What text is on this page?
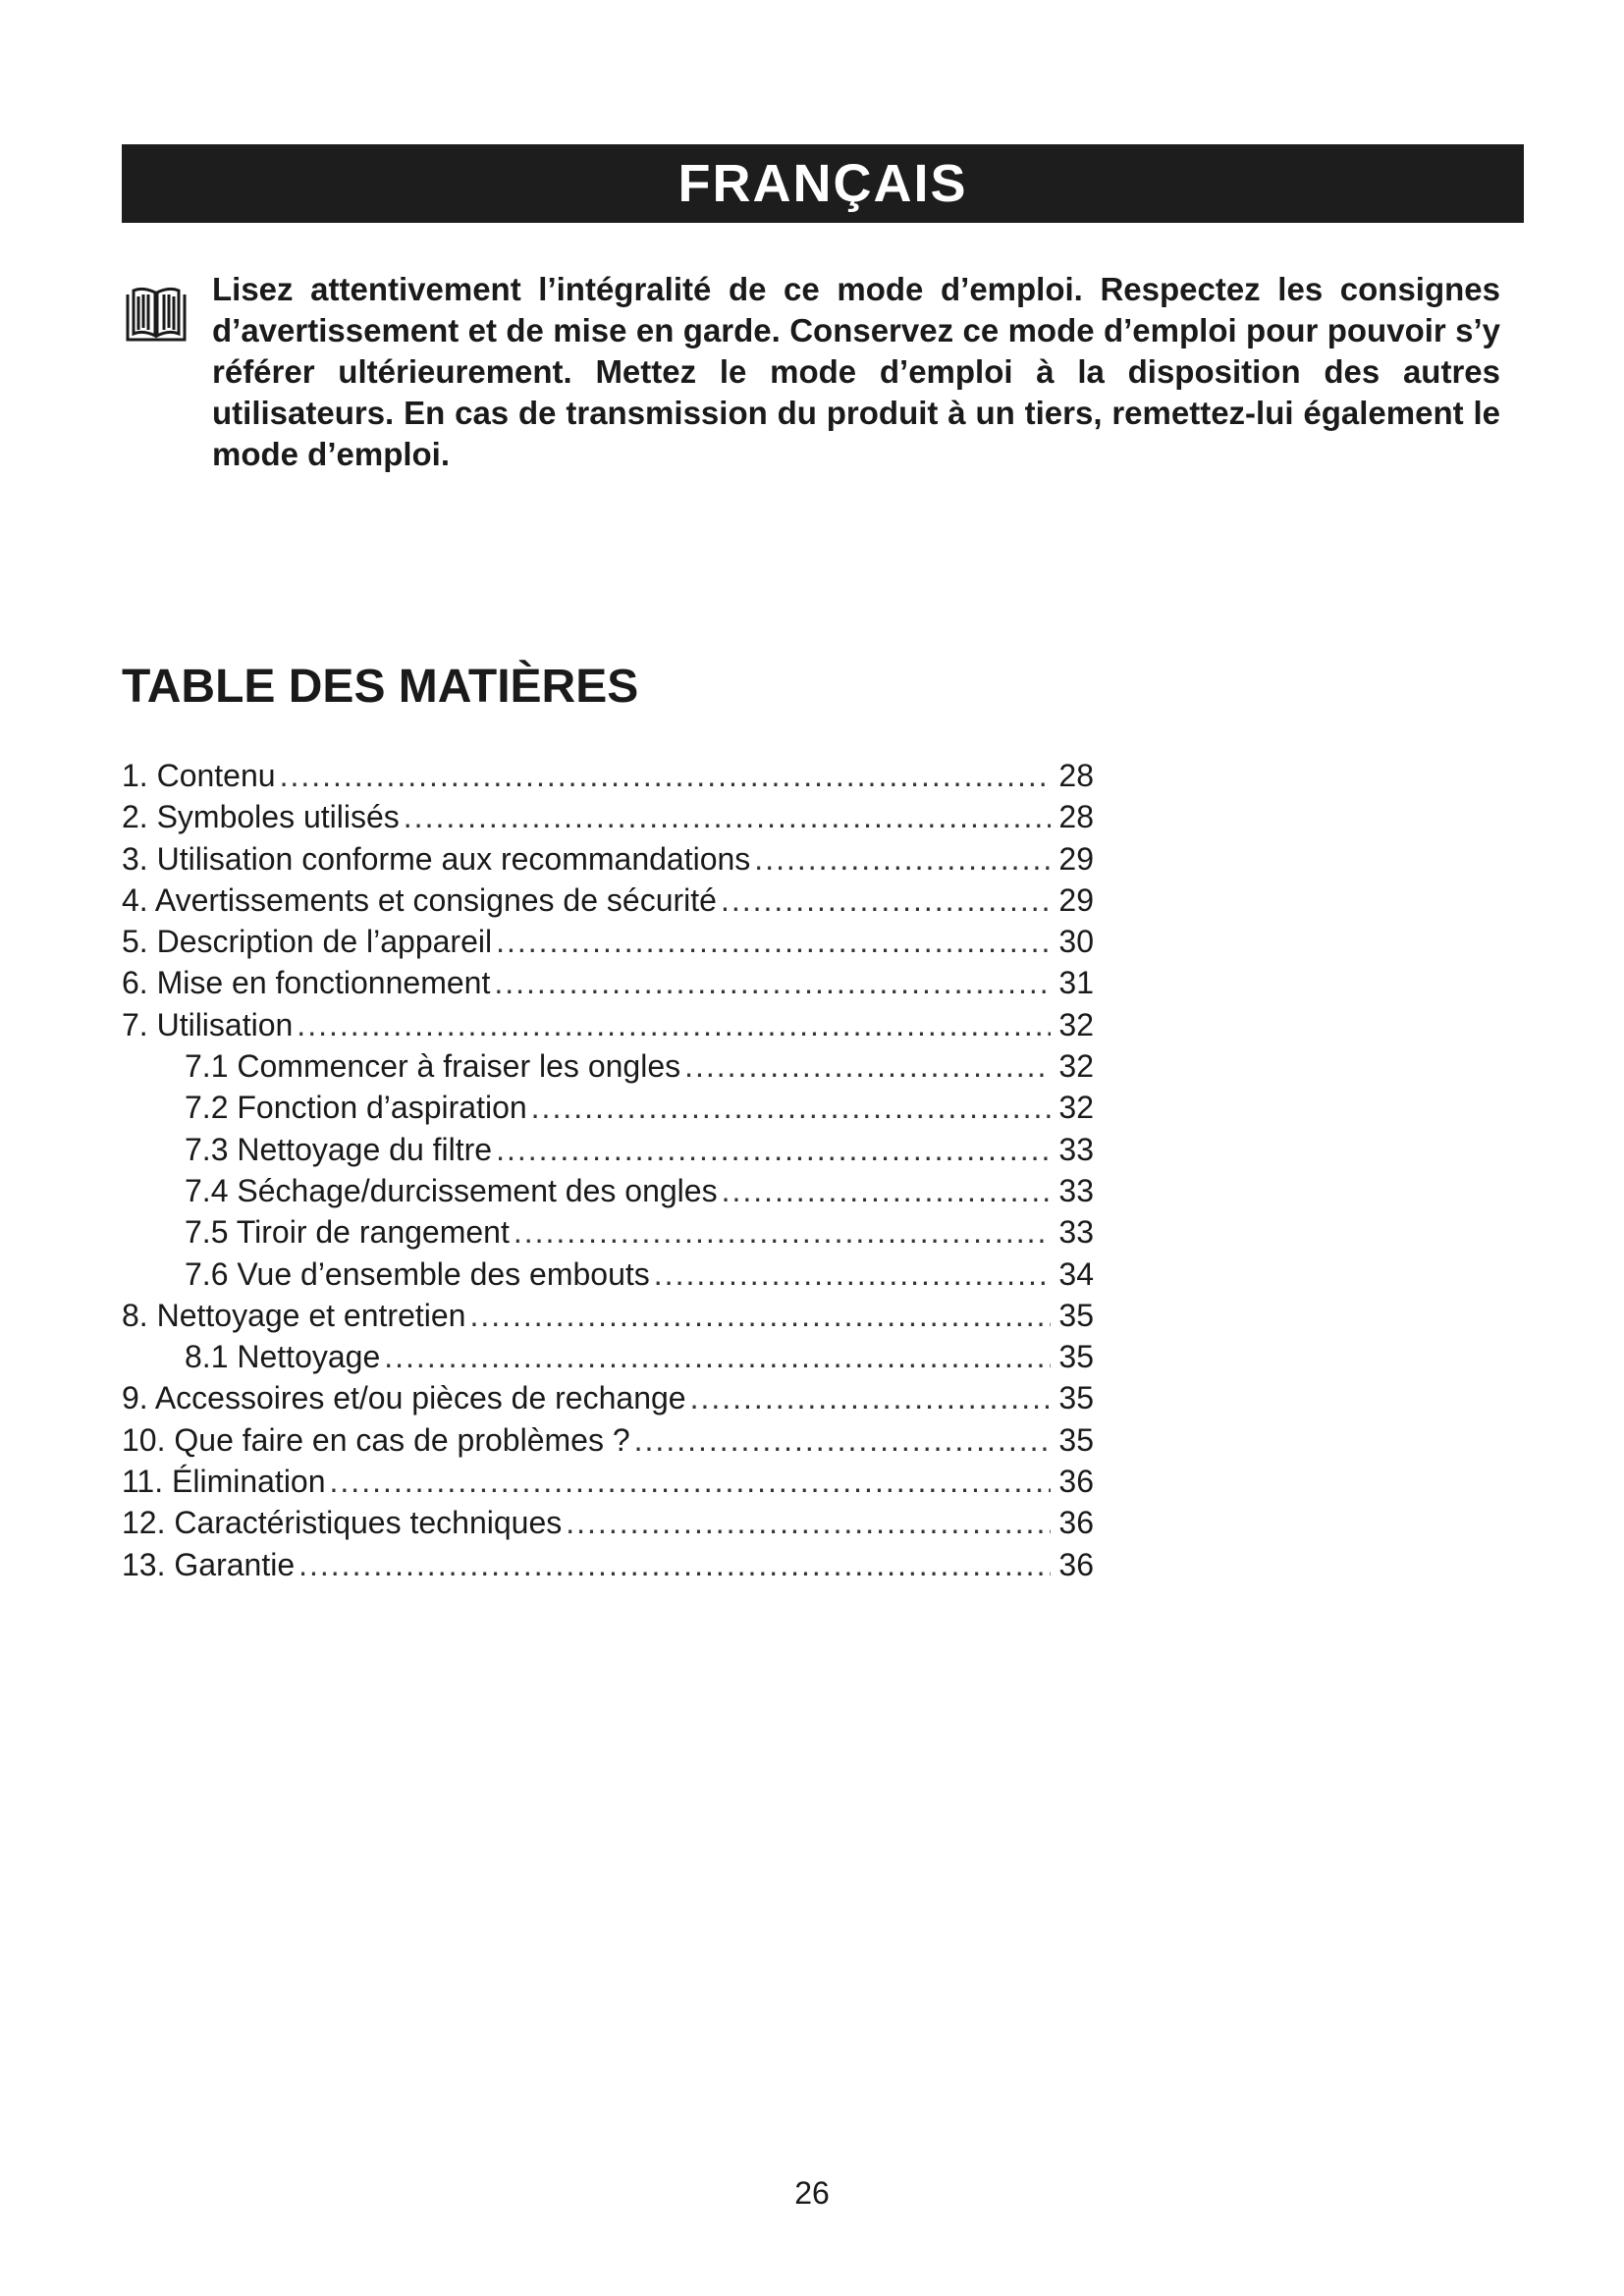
FRANÇAIS

Lisez attentivement l’intégralité de ce mode d’emploi. Respectez les consignes d’avertissement et de mise en garde. Conservez ce mode d’emploi pour pouvoir s’y référer ultérieurement. Mettez le mode d’emploi à la disposition des autres utilisateurs. En cas de transmission du produit à un tiers, remettez-lui également le mode d’emploi.

TABLE DES MATIÈRES
1. Contenu .....	28
2. Symboles utilisés .....	28
3. Utilisation conforme aux recommandations .....	29
4. Avertissements et consignes de sécurité .....	29
5. Description de l’appareil .....	30
6. Mise en fonctionnement .....	31
7. Utilisation .....	32
7.1 Commencer à fraiser les ongles .....	32
7.2 Fonction d’aspiration .....	32
7.3 Nettoyage du filtre .....	33
7.4 Séchage/durcissement des ongles .....	33
7.5 Tiroir de rangement .....	33
7.6 Vue d’ensemble des embouts .....	34
8. Nettoyage et entretien .....	35
8.1 Nettoyage .....	35
9. Accessoires et/ou pièces de rechange .....	35
10. Que faire en cas de problèmes ? .....	35
11. Élimination .....	36
12. Caractéristiques techniques .....	36
13. Garantie .....	36
26
